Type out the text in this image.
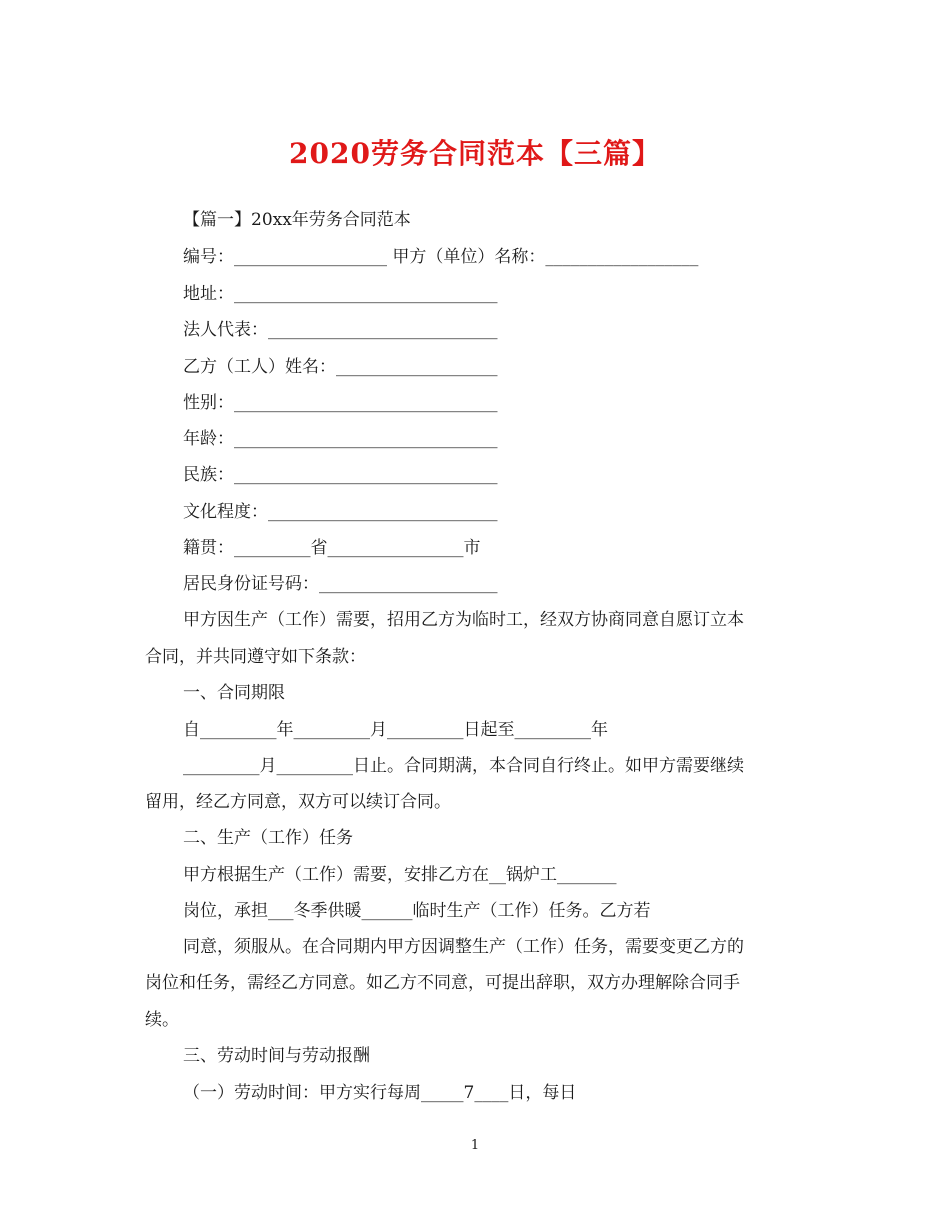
2020劳务合同范本【三篇】
【篇一】20xx年劳务合同范本
编号：__________________ 甲方（单位）名称：__________________
地址：_______________________________
法人代表：___________________________
乙方（工人）姓名：___________________
性别：_______________________________
年龄：_______________________________
民族：_______________________________
文化程度：___________________________
籍贯：_________省________________市
居民身份证号码：_____________________
甲方因生产（工作）需要，招用乙方为临时工，经双方协商同意自愿订立本
合同，并共同遵守如下条款：
一、合同期限
自_________年_________月_________日起至_________年
_________月_________日止。合同期满，本合同自行终止。如甲方需要继续
留用，经乙方同意，双方可以续订合同。
二、生产（工作）任务
甲方根据生产（工作）需要，安排乙方在__锅炉工_______
岗位，承担___冬季供暖______临时生产（工作）任务。乙方若
同意，须服从。在合同期内甲方因调整生产（工作）任务，需要变更乙方的
岗位和任务，需经乙方同意。如乙方不同意，可提出辞职，双方办理解除合同手
续。
三、劳动时间与劳动报酬
（一）劳动时间：甲方实行每周_____7____日，每日
1
